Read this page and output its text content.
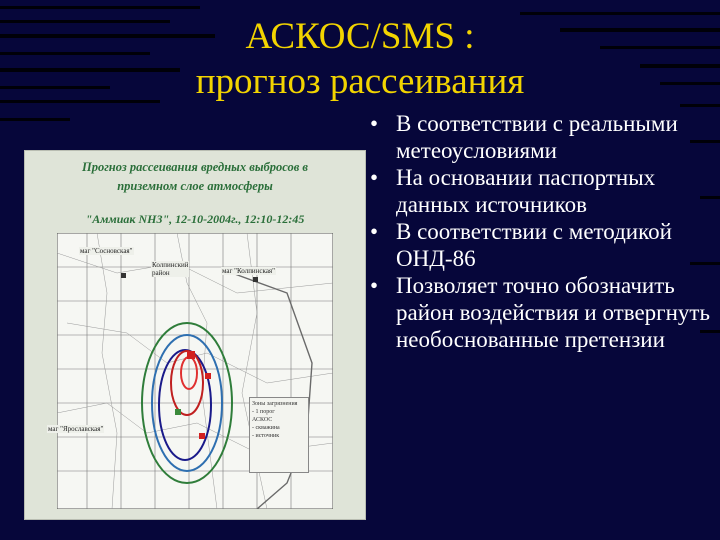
АСКОС/SMS :
прогноз рассеивания
Прогноз рассеивания вредных выбросов в
приземном слое атмосферы
"Аммиак NH3", 12-10-2004г., 12:10-12:45
маг "Сосновская"
Колпинский
район	маг "Колпинская"
маг "Ярославская"
Зоны загрязнения
- 1 порог
АСКОС
- скважина
- источник
• В соответствии с реальными метеоусловиями
• На основании паспортных данных источников
• В соответствии с методикой ОНД-86
• Позволяет точно обозначить район воздействия и отвергнуть необоснованные претензии
